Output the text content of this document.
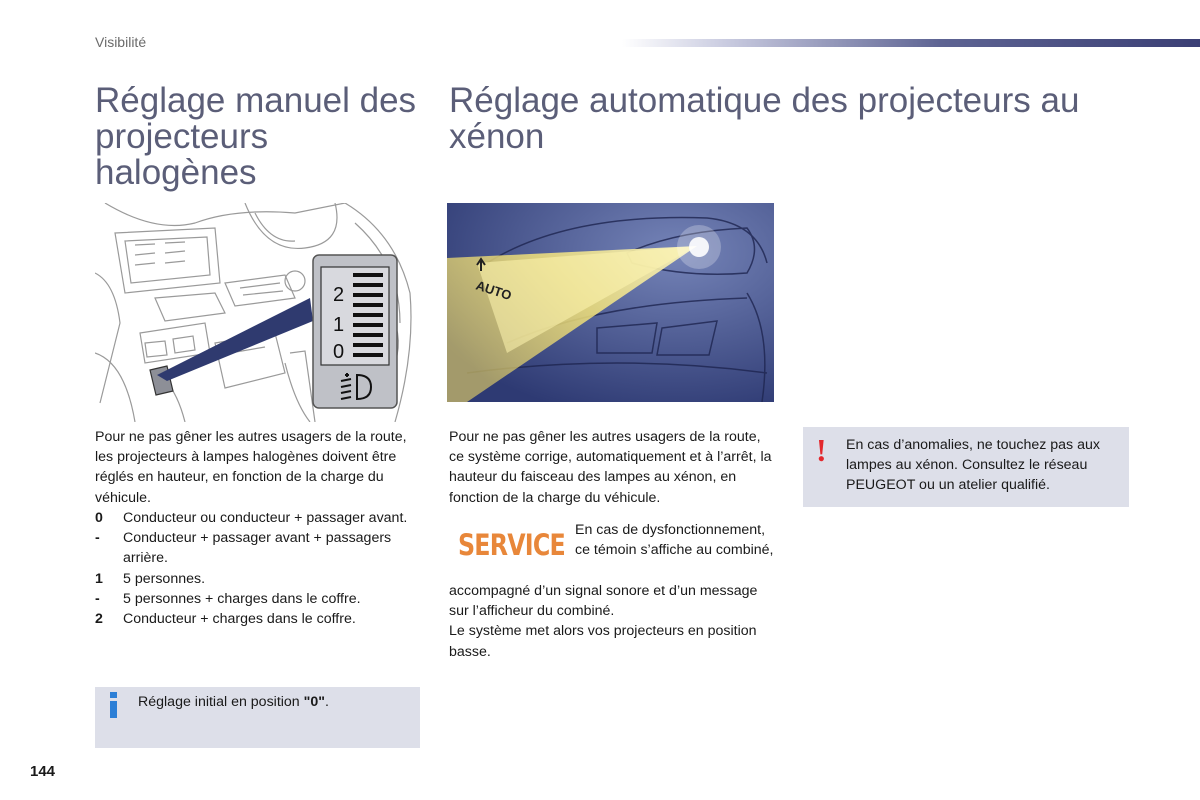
Visibilité
Réglage manuel des projecteurs halogènes
Réglage automatique des projecteurs au xénon
2
1
0
AUTO
Pour ne pas gêner les autres usagers de la route, les projecteurs à lampes halogènes doivent être réglés en hauteur, en fonction de la charge du véhicule.
0	Conducteur ou conducteur + passager avant.
-	Conducteur + passager avant + passagers arrière.
1	5 personnes.
-	5 personnes + charges dans le coffre.
2	Conducteur + charges dans le coffre.
Pour ne pas gêner les autres usagers de la route, ce système corrige, automatiquement et à l’arrêt, la hauteur du faisceau des lampes au xénon, en fonction de la charge du véhicule.
SERVICE En cas de dysfonctionnement, ce témoin s’affiche au combiné,
accompagné d’un signal sonore et d’un message sur l’afficheur du combiné.
Le système met alors vos projecteurs en position basse.
! En cas d’anomalies, ne touchez pas aux lampes au xénon. Consultez le réseau PEUGEOT ou un atelier qualifié.
Réglage initial en position "0".
144
